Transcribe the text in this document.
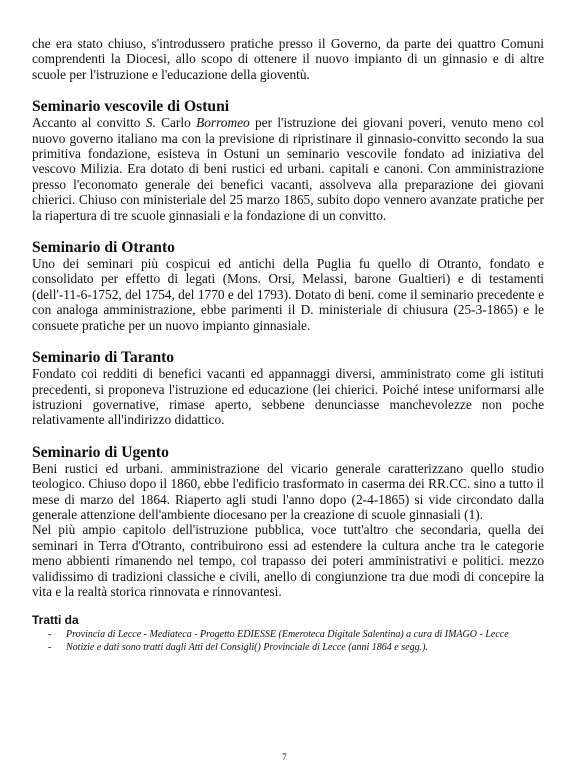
che era stato chiuso, s'introdussero pratiche presso il Governo, da parte dei quattro Comuni comprendenti la Diocesi, allo scopo di ottenere il nuovo impianto di un ginnasio e di altre scuole per l'istruzione e l'educazione della gioventù.

Seminario vescovile di Ostuni

Accanto al convitto S. Carlo Borromeo per l'istruzione dei giovani poveri, venuto meno col nuovo governo italiano ma con la previsione di ripristinare il ginnasio-convitto secondo la sua primitiva fondazione, esisteva in Ostuni un seminario vescovile fondato ad iniziativa del vescovo Milizia. Era dotato di beni rustici ed urbani. capitali e canoni. Con amministrazione presso l'economato generale dei benefici vacanti, assolveva alla preparazione dei giovani chierici. Chiuso con ministeriale del 25 marzo 1865, subito dopo vennero avanzate pratiche per la riapertura di tre scuole ginnasiali e la fondazione di un convitto.

Seminario di Otranto

Uno dei seminari più cospicui ed antichi della Puglia fu quello di Otranto, fondato e consolidato per effetto di legati (Mons. Orsi, Melassi, barone Gualtieri) e di testamenti (dell'-11-6-1752, del 1754, del 1770 e del 1793). Dotato di beni. come il seminario precedente e con analoga amministrazione, ebbe parimenti il D. ministeriale di chiusura (25-3-1865) e le consuete pratiche per un nuovo impianto ginnasiale.

Seminario di Taranto

Fondato coi redditi di benefici vacanti ed appannaggi diversi, amministrato come gli istituti precedenti, si proponeva l'istruzione ed educazione (lei chierici. Poiché intese uniformarsi alle istruzioni governative, rimase aperto, sebbene denunciasse manchevolezze non poche relativamente all'indirizzo didattico.

Seminario di Ugento

Beni rustici ed urbani. amministrazione del vicario generale caratterizzano quello studio teologico. Chiuso dopo il 1860, ebbe l'edificio trasformato in caserma dei RR.CC. sino a tutto il mese di marzo del 1864. Riaperto agli studi l'anno dopo (2-4-1865) si vide circondato dalla generale attenzione dell'ambiente diocesano per la creazione di scuole ginnasiali (1).

Nel più ampio capitolo dell'istruzione pubblica, voce tutt'altro che secondaria, quella dei seminari in Terra d'Otranto, contribuirono essi ad estendere la cultura anche tra le categorie meno abbienti rimanendo nel tempo, col trapasso dei poteri amministrativi e politici. mezzo validissimo di tradizioni classiche e civili, anello di congiunzione tra due modi di concepire la vita e la realtà storica rinnovata e rinnovantesi.

Tratti da
- Provincia di Lecce - Mediateca - Progetto EDIESSE (Emeroteca Digitale Salentina) a cura di IMAGO - Lecce
- Notizie e dati sono tratti dagli Atti del Consigli() Provinciale di Lecce (anni 1864 e segg.).
7
